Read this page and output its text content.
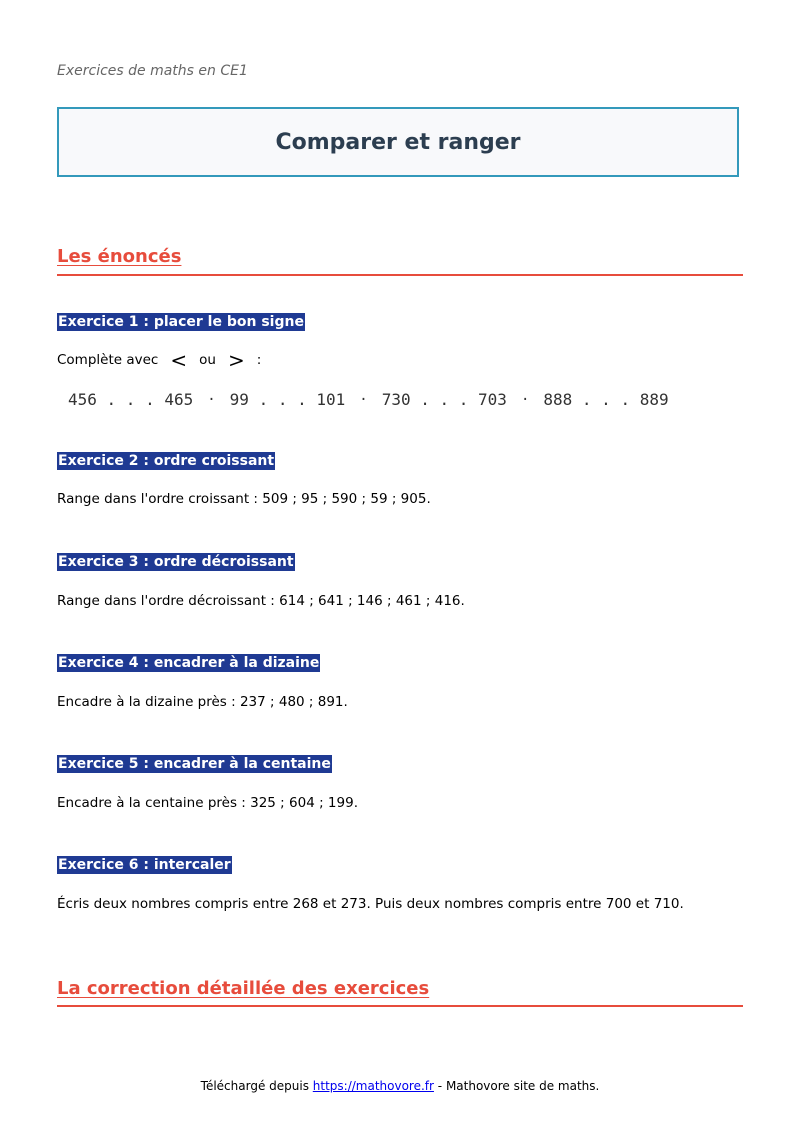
Exercices de maths en CE1
Comparer et ranger
Les énoncés
Exercice 1 : placer le bon signe
Complète avec < ou > :
456 . . . 465 · 99 . . . 101 · 730 . . . 703 · 888 . . . 889
Exercice 2 : ordre croissant
Range dans l'ordre croissant : 509 ; 95 ; 590 ; 59 ; 905.
Exercice 3 : ordre décroissant
Range dans l'ordre décroissant : 614 ; 641 ; 146 ; 461 ; 416.
Exercice 4 : encadrer à la dizaine
Encadre à la dizaine près : 237 ; 480 ; 891.
Exercice 5 : encadrer à la centaine
Encadre à la centaine près : 325 ; 604 ; 199.
Exercice 6 : intercaler
Écris deux nombres compris entre 268 et 273. Puis deux nombres compris entre 700 et 710.
La correction détaillée des exercices
Téléchargé depuis https://mathovore.fr - Mathovore site de maths.
